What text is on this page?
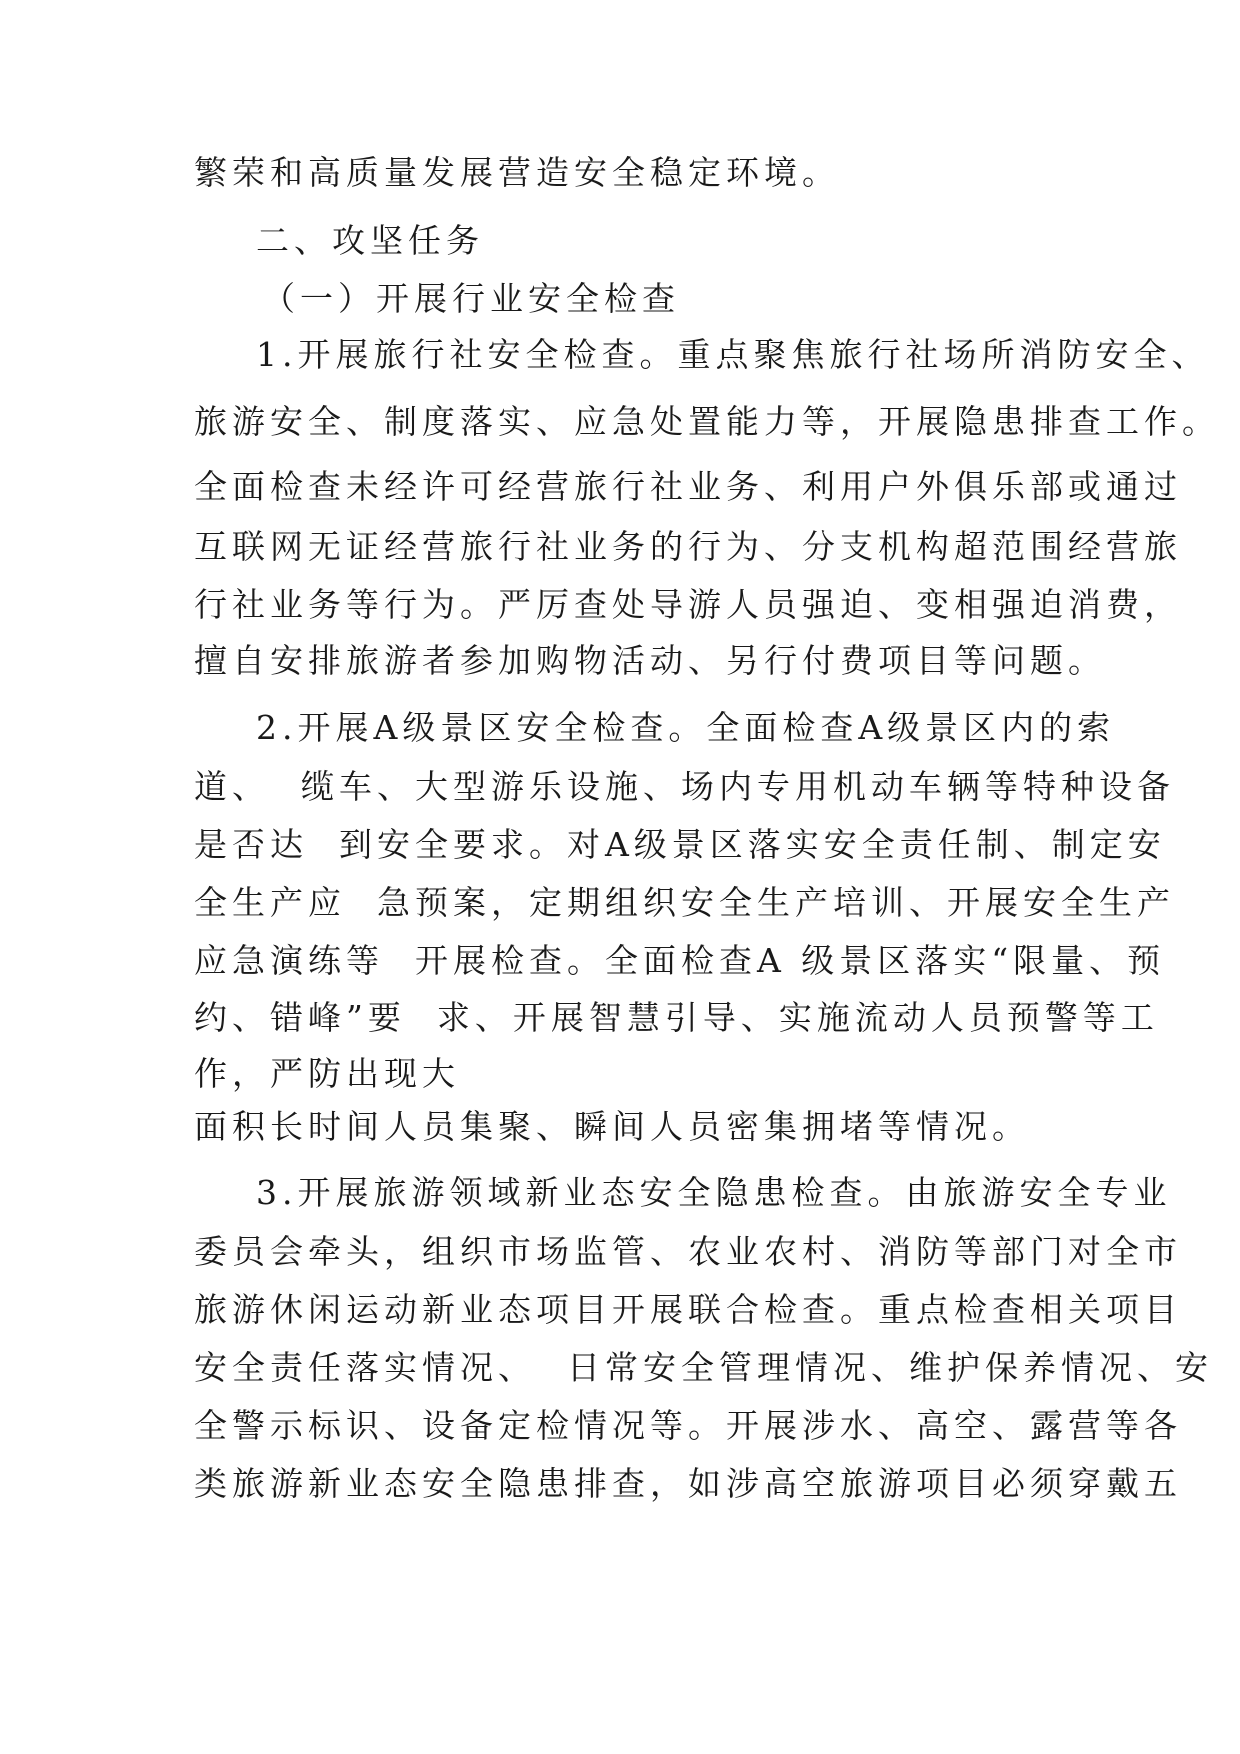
繁荣和高质量发展营造安全稳定环境。
二、攻坚任务
（一）开展行业安全检查
1.开展旅行社安全检查。重点聚焦旅行社场所消防安全、
旅游安全、制度落实、应急处置能力等，开展隐患排查工作。
全面检查未经许可经营旅行社业务、利用户外俱乐部或通过
互联网无证经营旅行社业务的行为、分支机构超范围经营旅
行社业务等行为。严厉查处导游人员强迫、变相强迫消费，
擅自安排旅游者参加购物活动、另行付费项目等问题。
2.开展A级景区安全检查。全面检查A级景区内的索
道、  缆车、大型游乐设施、场内专用机动车辆等特种设备
是否达  到安全要求。对A级景区落实安全责任制、制定安
全生产应  急预案，定期组织安全生产培训、开展安全生产
应急演练等  开展检查。全面检查A 级景区落实“限量、预
约、错峰”要  求、开展智慧引导、实施流动人员预警等工
作，严防出现大
面积长时间人员集聚、瞬间人员密集拥堵等情况。
3.开展旅游领域新业态安全隐患检查。由旅游安全专业
委员会牵头，组织市场监管、农业农村、消防等部门对全市
旅游休闲运动新业态项目开展联合检查。重点检查相关项目
安全责任落实情况、  日常安全管理情况、维护保养情况、安
全警示标识、设备定检情况等。开展涉水、高空、露营等各
类旅游新业态安全隐患排查，如涉高空旅游项目必须穿戴五
